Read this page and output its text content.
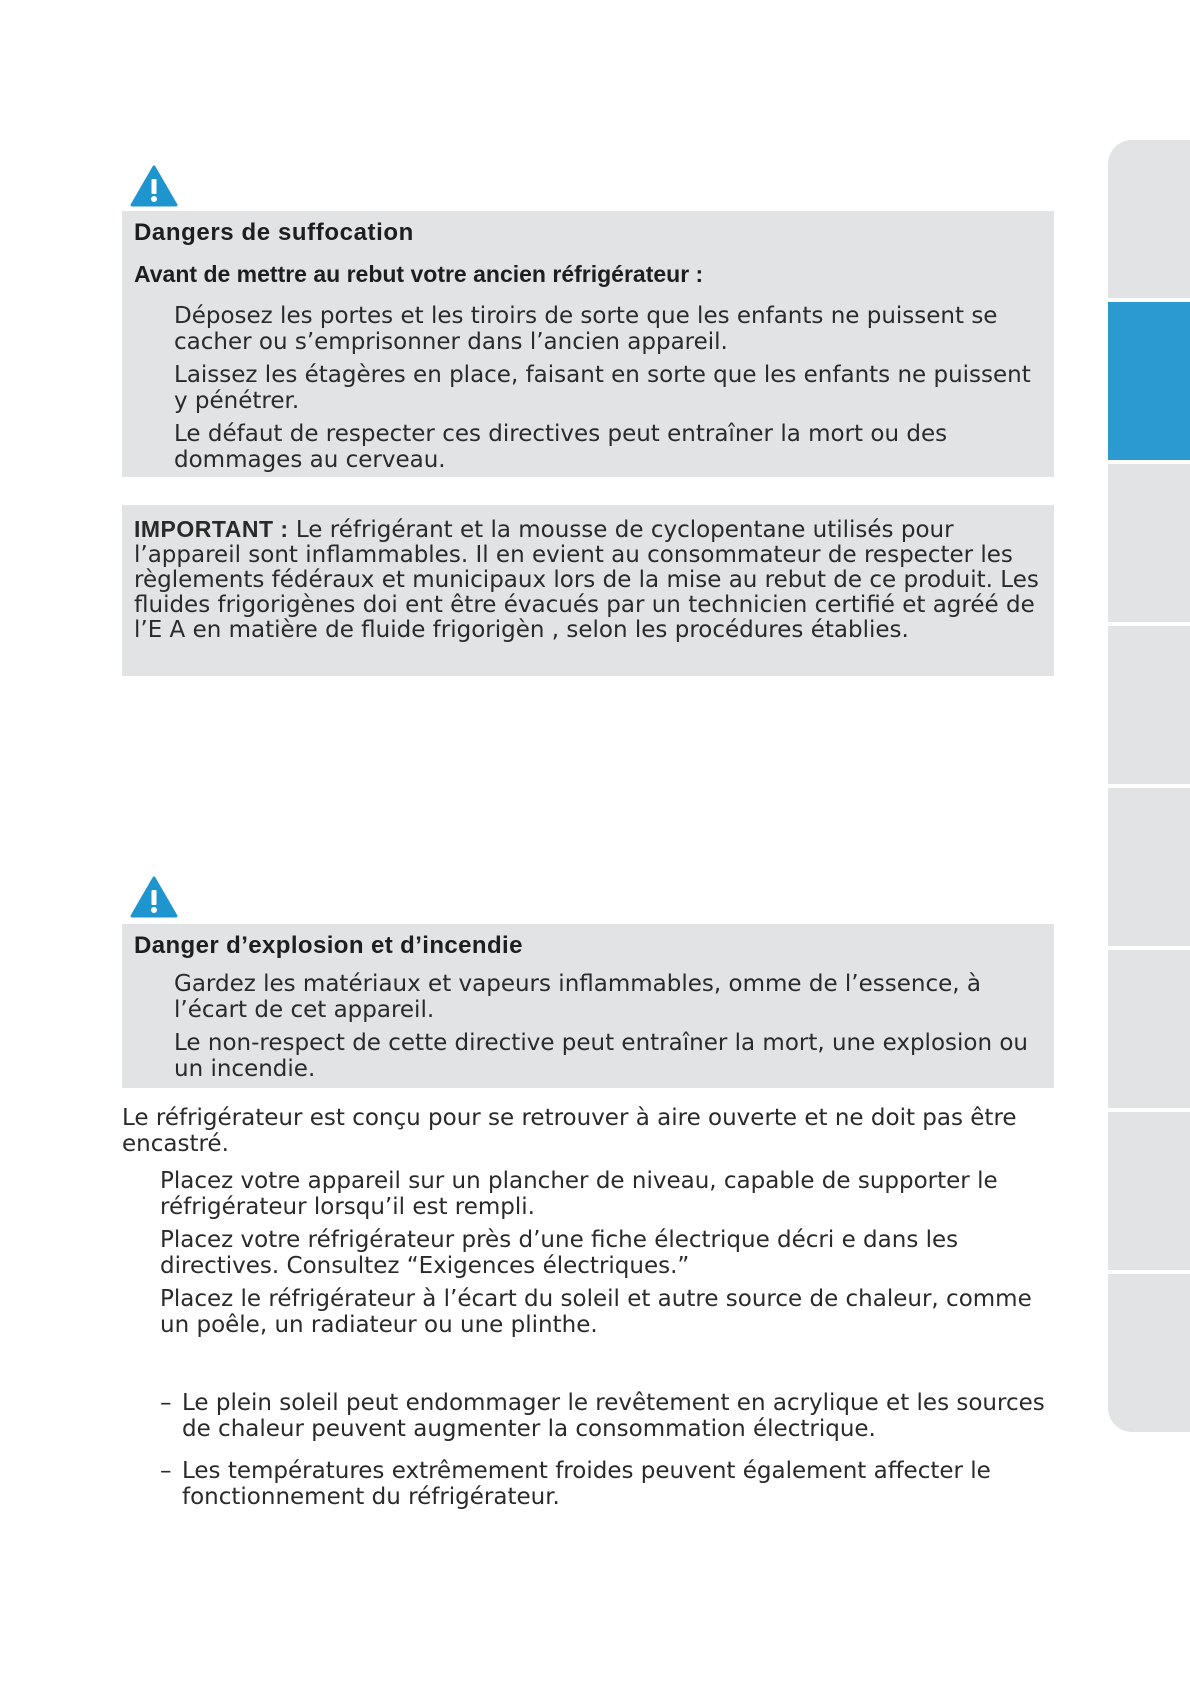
Dangers de suffocation
Avant de mettre au rebut votre ancien réfrigérateur :

Déposez les portes et les tiroirs de sorte que les enfants ne puissent se cacher ou s’emprisonner dans l’ancien appareil.

Laissez les étagères en place, faisant en sorte que les enfants ne puissent y pénétrer.

Le défaut de respecter ces directives peut entraîner la mort ou des dommages au cerveau.

IMPORTANT : Le réfrigérant et la mousse de cyclopentane utilisés pour l’appareil sont inflammables. Il en evient au consommateur de respecter les règlements fédéraux et municipaux lors de la mise au rebut de ce produit. Les fluides frigorigènes doi ent être évacués par un technicien certifié et agréé de l’E A en matière de fluide frigorigèn , selon les procédures établies.

Danger d’explosion et d’incendie

Gardez les matériaux et vapeurs inflammables, omme de l’essence, à l’écart de cet appareil.

Le non-respect de cette directive peut entraîner la mort, une explosion ou un incendie.

Le réfrigérateur est conçu pour se retrouver à aire ouverte et ne doit pas être encastré.

Placez votre appareil sur un plancher de niveau, capable de supporter le réfrigérateur lorsqu’il est rempli.

Placez votre réfrigérateur près d’une fiche électrique décri e dans les directives. Consultez “Exigences électriques.”

Placez le réfrigérateur à l’écart du soleil et autre source de chaleur, comme un poêle, un radiateur ou une plinthe.

– Le plein soleil peut endommager le revêtement en acrylique et les sources de chaleur peuvent augmenter la consommation électrique.

– Les températures extrêmement froides peuvent également affecter le fonctionnement du réfrigérateur.
